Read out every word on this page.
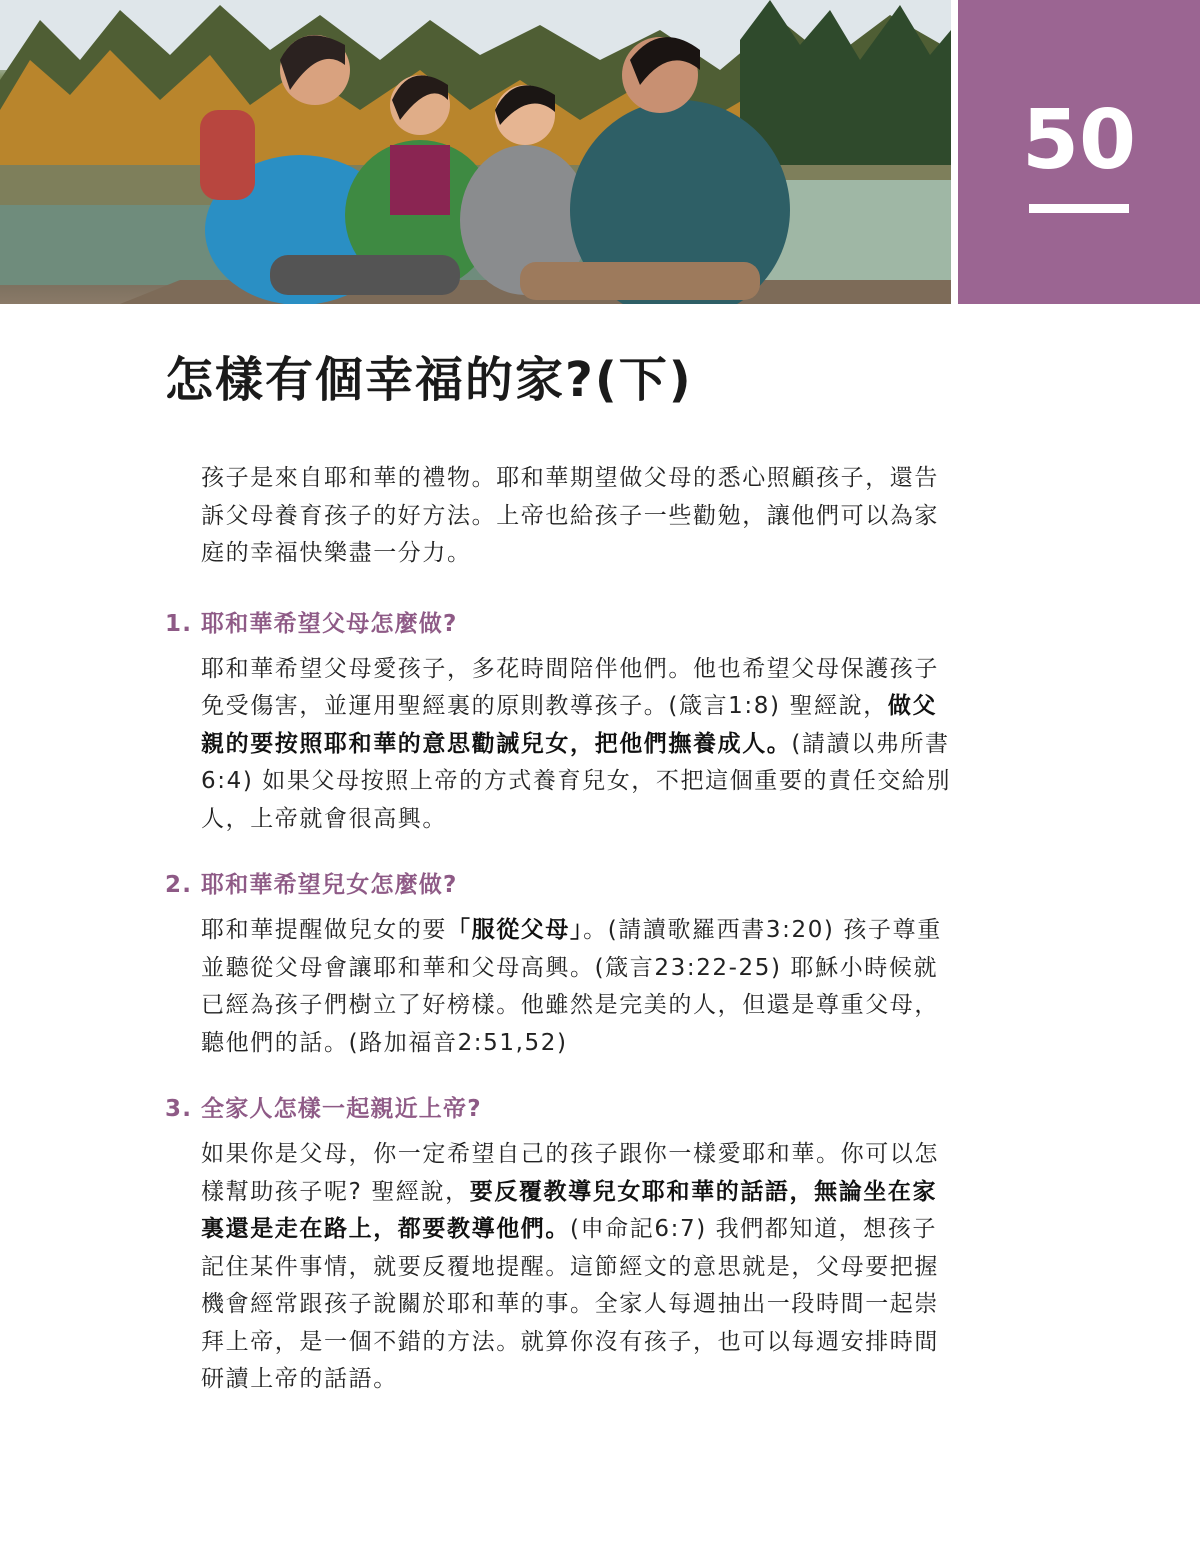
50
怎樣有個幸福的家?(下)

孩子是來自耶和華的禮物。耶和華期望做父母的悉心照顧孩子，還告訴父母養育孩子的好方法。上帝也給孩子一些勸勉，讓他們可以為家庭的幸福快樂盡一分力。

1. 耶和華希望父母怎麼做?

耶和華希望父母愛孩子，多花時間陪伴他們。他也希望父母保護孩子免受傷害，並運用聖經裏的原則教導孩子。(箴言1:8) 聖經說，做父親的要按照耶和華的意思勸誡兒女，把他們撫養成人。(請讀以弗所書6:4) 如果父母按照上帝的方式養育兒女，不把這個重要的責任交給別人，上帝就會很高興。

2. 耶和華希望兒女怎麼做?

耶和華提醒做兒女的要「服從父母」。(請讀歌羅西書3:20) 孩子尊重並聽從父母會讓耶和華和父母高興。(箴言23:22-25) 耶穌小時候就已經為孩子們樹立了好榜樣。他雖然是完美的人，但還是尊重父母，聽他們的話。(路加福音2:51,52)

3. 全家人怎樣一起親近上帝?

如果你是父母，你一定希望自己的孩子跟你一樣愛耶和華。你可以怎樣幫助孩子呢? 聖經說，要反覆教導兒女耶和華的話語，無論坐在家裏還是走在路上，都要教導他們。(申命記6:7) 我們都知道，想孩子記住某件事情，就要反覆地提醒。這節經文的意思就是，父母要把握機會經常跟孩子說關於耶和華的事。全家人每週抽出一段時間一起崇拜上帝，是一個不錯的方法。就算你沒有孩子，也可以每週安排時間研讀上帝的話語。
